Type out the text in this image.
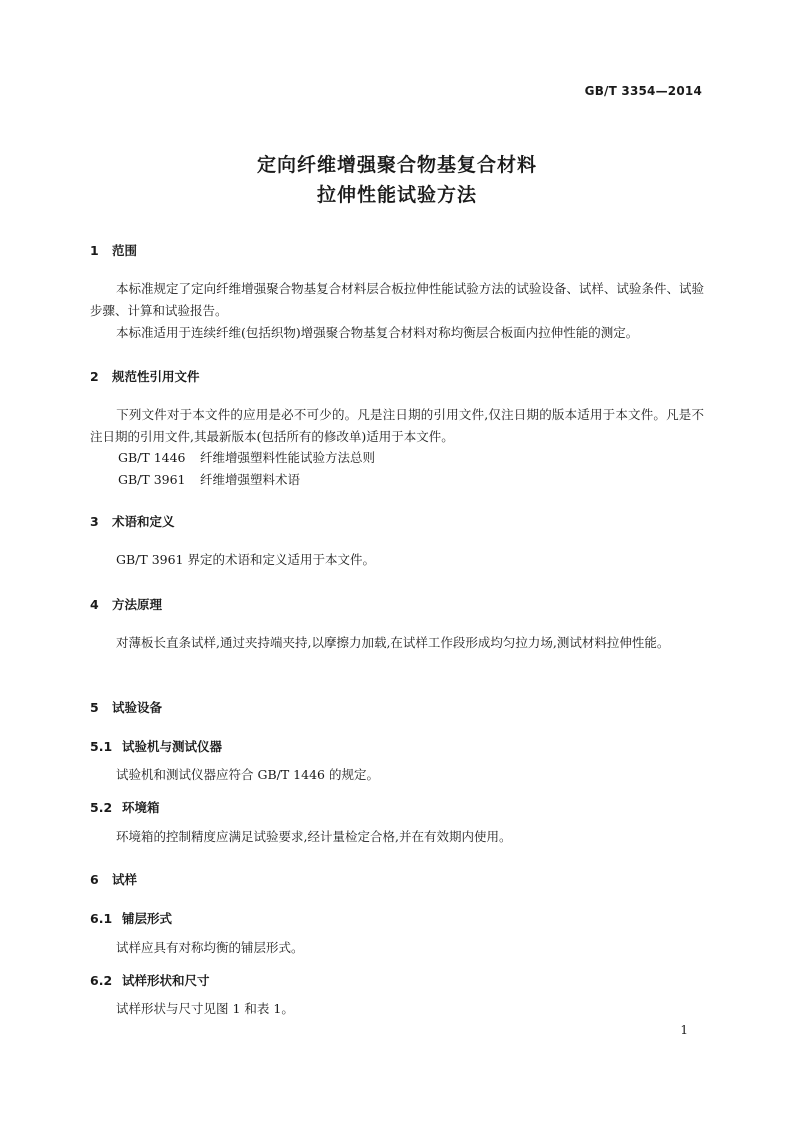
GB/T 3354—2014
定向纤维增强聚合物基复合材料
拉伸性能试验方法
1 范围
本标准规定了定向纤维增强聚合物基复合材料层合板拉伸性能试验方法的试验设备、试样、试验条件、试验步骤、计算和试验报告。
本标准适用于连续纤维(包括织物)增强聚合物基复合材料对称均衡层合板面内拉伸性能的测定。
2 规范性引用文件
下列文件对于本文件的应用是必不可少的。凡是注日期的引用文件,仅注日期的版本适用于本文件。凡是不注日期的引用文件,其最新版本(包括所有的修改单)适用于本文件。
GB/T 1446 纤维增强塑料性能试验方法总则
GB/T 3961 纤维增强塑料术语
3 术语和定义
GB/T 3961 界定的术语和定义适用于本文件。
4 方法原理
对薄板长直条试样,通过夹持端夹持,以摩擦力加载,在试样工作段形成均匀拉力场,测试材料拉伸性能。
5 试验设备
5.1 试验机与测试仪器
试验机和测试仪器应符合 GB/T 1446 的规定。
5.2 环境箱
环境箱的控制精度应满足试验要求,经计量检定合格,并在有效期内使用。
6 试样
6.1 铺层形式
试样应具有对称均衡的铺层形式。
6.2 试样形状和尺寸
试样形状与尺寸见图 1 和表 1。
1
